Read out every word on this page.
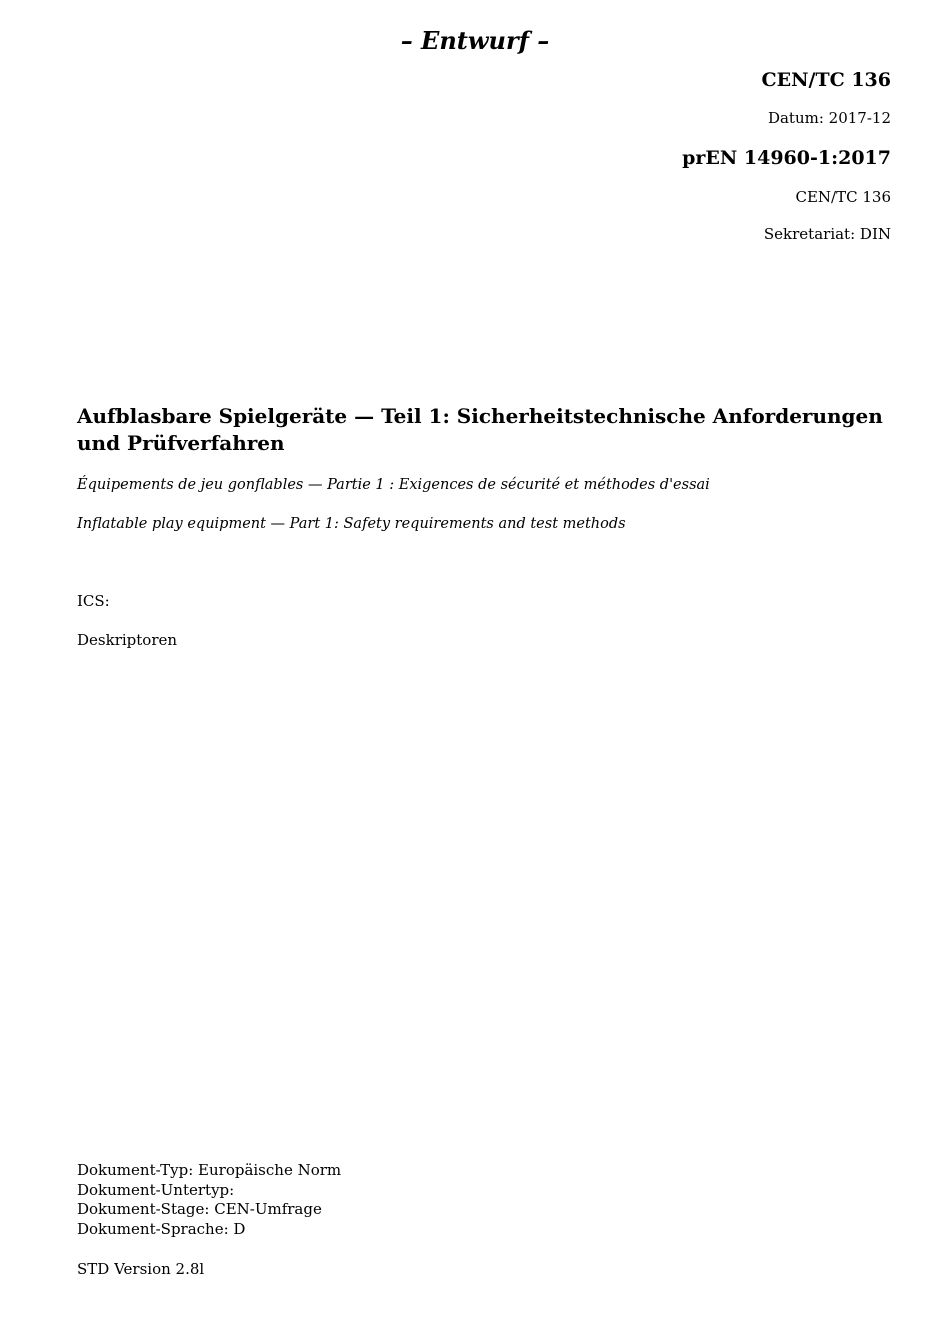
– Entwurf –
CEN/TC 136
Datum: 2017-12
prEN 14960-1:2017
CEN/TC 136
Sekretariat: DIN
Aufblasbare Spielgeräte — Teil 1: Sicherheitstechnische Anforderungen und Prüfverfahren
Équipements de jeu gonflables — Partie 1 : Exigences de sécurité et méthodes d'essai
Inflatable play equipment — Part 1: Safety requirements and test methods
ICS:
Deskriptoren
Dokument-Typ: Europäische Norm
Dokument-Untertyp:
Dokument-Stage: CEN-Umfrage
Dokument-Sprache: D
STD Version 2.8l
